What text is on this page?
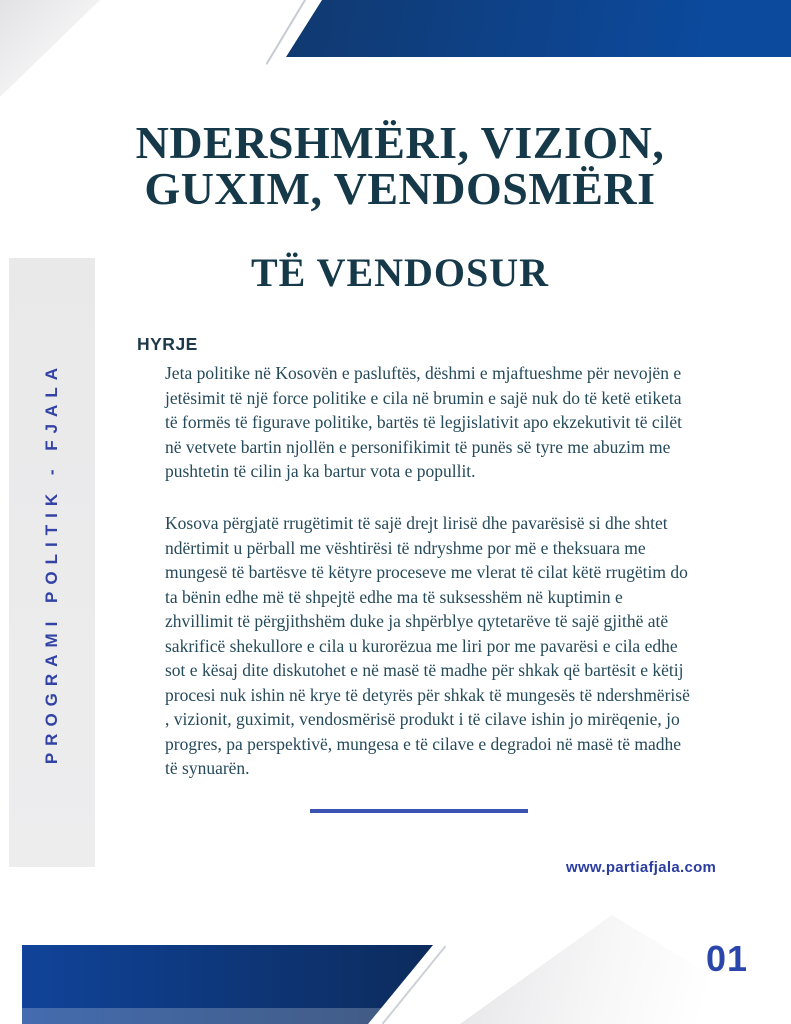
PROGRAMI POLITIK - FJALA
NDERSHMËRI, VIZION,
GUXIM, VENDOSMËRI
TË VENDOSUR
HYRJE

Jeta politike në Kosovën e pasluftës, dëshmi e mjaftueshme për nevojën e jetësimit të një force politike e cila në brumin e sajë nuk do të ketë etiketa të formës të figurave politike, bartës të legjislativit apo ekzekutivit të cilët në vetvete bartin njollën e personifikimit të punës së tyre me abuzim me pushtetin të cilin ja ka bartur vota e popullit.

Kosova përgjatë rrugëtimit të sajë drejt lirisë dhe pavarësisë si dhe shtet ndërtimit u përball me vështirësi të ndryshme por më e theksuara me mungesë të bartësve të këtyre proceseve me vlerat të cilat këtë rrugëtim do ta bënin edhe më të shpejtë edhe ma të suksesshëm në kuptimin e zhvillimit të përgjithshëm duke ja shpërblye qytetarëve të sajë gjithë atë sakrificë shekullore e cila u kurorëzua me liri por me pavarësi e cila edhe sot e kësaj dite diskutohet e në masë të madhe për shkak që bartësit e këtij procesi nuk ishin në krye të detyrës për shkak të mungesës të ndershmërisë , vizionit, guximit, vendosmërisë produkt i të cilave ishin jo mirëqenie, jo progres, pa perspektivë, mungesa e të cilave e degradoi në masë të madhe të synuarën.

www.partiafjala.com
01
